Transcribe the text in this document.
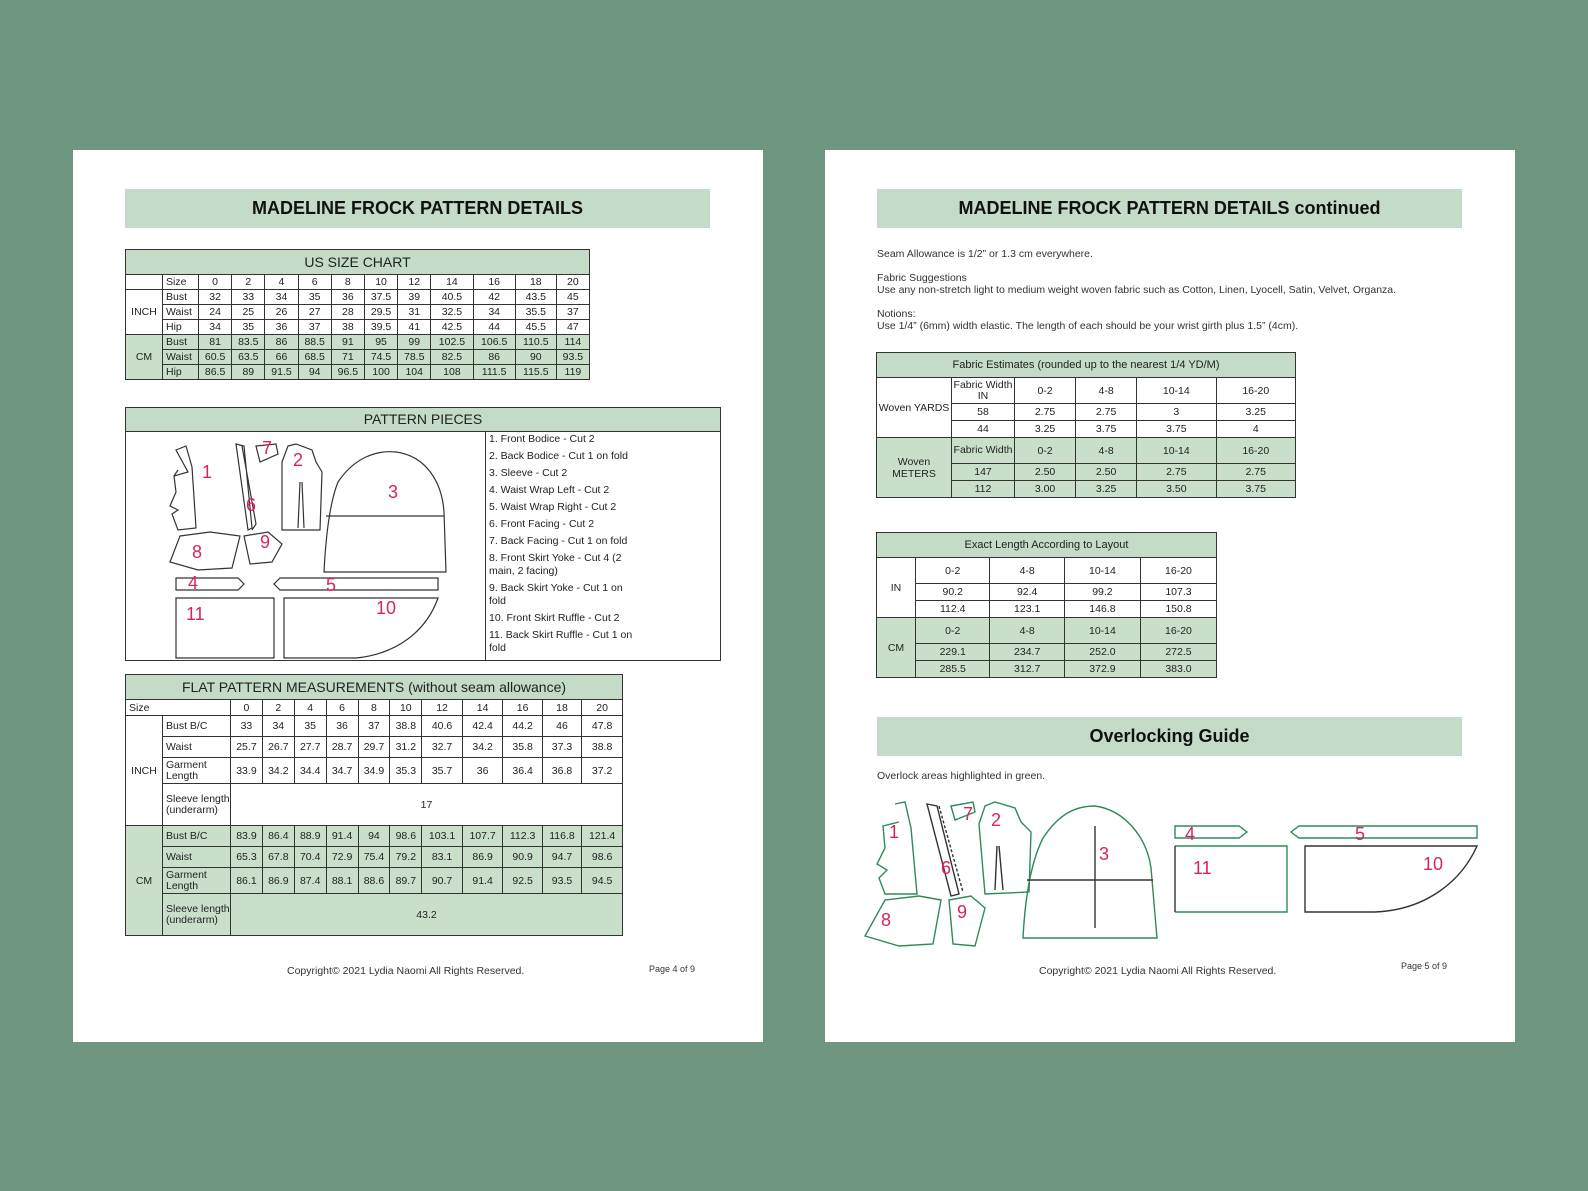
MADELINE FROCK PATTERN DETAILS
US SIZE CHART												
	Size	0	2	4	6	8	10	12	14	16	18	20
INCH	Bust	32	33	34	35	36	37.5	39	40.5	42	43.5	45
	Waist	24	25	26	27	28	29.5	31	32.5	34	35.5	37
	Hip	34	35	36	37	38	39.5	41	42.5	44	45.5	47
CM	Bust	81	83.5	86	88.5	91	95	99	102.5	106.5	110.5	114
	Waist	60.5	63.5	66	68.5	71	74.5	78.5	82.5	86	90	93.5
	Hip	86.5	89	91.5	94	96.5	100	104	108	111.5	115.5	119
PATTERN PIECES
1
2
3
4	5
6
7
8	9
10
11
1. Front Bodice - Cut 2
2. Back Bodice - Cut 1 on fold
3. Sleeve - Cut 2
4. Waist Wrap Left - Cut 2
5. Waist Wrap Right - Cut 2
6. Front Facing - Cut 2
7. Back Facing - Cut 1 on fold
8. Front Skirt Yoke - Cut 4 (2 main, 2 facing)
9. Back Skirt Yoke - Cut 1 on fold
10. Front Skirt Ruffle - Cut 2
11. Back Skirt Ruffle - Cut 1 on fold
FLAT PATTERN MEASUREMENTS (without seam allowance)												
Size		0	2	4	6	8	10	12	14	16	18	20
INCH	Bust B/C	33	34	35	36	37	38.8	40.6	42.4	44.2	46	47.8
	Waist	25.7	26.7	27.7	28.7	29.7	31.2	32.7	34.2	35.8	37.3	38.8
	Garment Length	33.9	34.2	34.4	34.7	34.9	35.3	35.7	36	36.4	36.8	37.2
	Sleeve length (underarm)	17										
CM	Bust B/C	83.9	86.4	88.9	91.4	94	98.6	103.1	107.7	112.3	116.8	121.4
	Waist	65.3	67.8	70.4	72.9	75.4	79.2	83.1	86.9	90.9	94.7	98.6
	Garment Length	86.1	86.9	87.4	88.1	88.6	89.7	90.7	91.4	92.5	93.5	94.5
	Sleeve length (underarm)	43.2										
Copyright© 2021 Lydia Naomi All Rights Reserved.	Page 4 of 9
MADELINE FROCK PATTERN DETAILS continued
Seam Allowance is 1/2” or 1.3 cm everywhere.
Fabric Suggestions
Use any non-stretch light to medium weight woven fabric such as Cotton, Linen, Lyocell, Satin, Velvet, Organza.
Notions:
Use 1/4” (6mm) width elastic. The length of each should be your wrist girth plus 1.5” (4cm).
Fabric Estimates (rounded up to the nearest 1/4 YD/M)					
Woven YARDS	Fabric Width IN	0-2	4-8	10-14	16-20
	58	2.75	2.75	3	3.25
	44	3.25	3.75	3.75	4
Woven METERS	Fabric Width	0-2	4-8	10-14	16-20
	147	2.50	2.50	2.75	2.75
	112	3.00	3.25	3.50	3.75
Exact Length According to Layout				
IN	0-2	4-8	10-14	16-20
	90.2	92.4	99.2	107.3
	112.4	123.1	146.8	150.8
CM	0-2	4-8	10-14	16-20
	229.1	234.7	252.0	272.5
	285.5	312.7	372.9	383.0
Overlocking Guide
Overlock areas highlighted in green.
1
2
3
4	5
6
7
8	9
10
11
Copyright© 2021 Lydia Naomi All Rights Reserved.	Page 5 of 9
